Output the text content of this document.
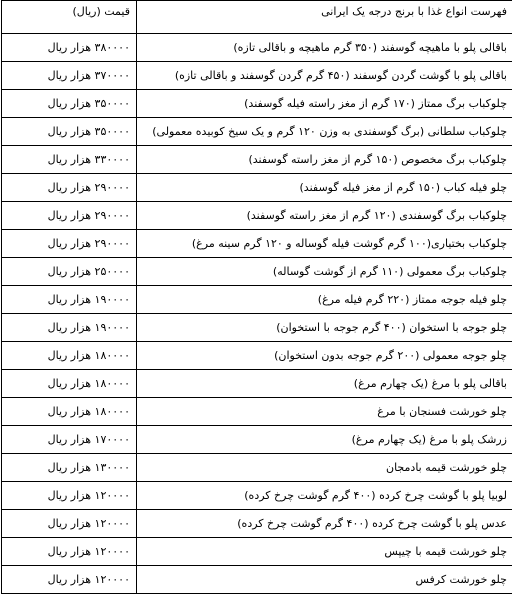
فهرست انواع غذا با برنج درجه یک ایرانی	قیمت (ریال)
باقالی پلو با ماهیچه گوسفند (۳۵۰ گرم ماهیچه و باقالی تازه)	۳۸۰۰۰۰ هزار ریال
باقالی پلو با گوشت گردن گوسفند (۴۵۰ گرم گردن گوسفند و باقالی تازه)	۳۷۰۰۰۰ هزار ریال
چلوکباب برگ ممتاز (۱۷۰ گرم از مغز راسته فیله گوسفند)	۳۵۰۰۰۰ هزار ریال
چلوکباب سلطانی (برگ گوسفندی به وزن ۱۲۰ گرم و یک سیخ کوبیده معمولی)	۳۵۰۰۰۰ هزار ریال
چلوکباب برگ مخصوص (۱۵۰ گرم از مغز راسته گوسفند)	۳۳۰۰۰۰ هزار ریال
چلو فیله کباب (۱۵۰ گرم از مغز فیله گوسفند)	۲۹۰۰۰۰ هزار ریال
چلوکباب برگ گوسفندی (۱۲۰ گرم از مغز راسته گوسفند)	۲۹۰۰۰۰ هزار ریال
چلوکباب بختیاری(۱۰۰ گرم گوشت فیله گوساله و ۱۲۰ گرم سینه مرغ)	۲۹۰۰۰۰ هزار ریال
چلوکباب برگ معمولی (۱۱۰ گرم از گوشت گوساله)	۲۵۰۰۰۰ هزار ریال
چلو فیله جوجه ممتاز (۲۲۰ گرم فیله مرغ)	۱۹۰۰۰۰ هزار ریال
چلو جوجه با استخوان (۴۰۰ گرم جوجه با استخوان)	۱۹۰۰۰۰ هزار ریال
چلو جوجه معمولی (۲۰۰ گرم جوجه بدون استخوان)	۱۸۰۰۰۰ هزار ریال
باقالی پلو با مرغ (یک چهارم مرغ)	۱۸۰۰۰۰ هزار ریال
چلو خورشت فسنجان با مرغ	۱۸۰۰۰۰ هزار ریال
زرشک پلو با مرغ (یک چهارم مرغ)	۱۷۰۰۰۰ هزار ریال
چلو خورشت قیمه بادمجان	۱۳۰۰۰۰ هزار ریال
لوبیا پلو با گوشت چرخ کرده (۴۰۰ گرم گوشت چرخ کرده)	۱۲۰۰۰۰ هزار ریال
عدس پلو با گوشت چرخ کرده (۴۰۰ گرم گوشت چرخ کرده)	۱۲۰۰۰۰ هزار ریال
چلو خورشت قیمه با چیپس	۱۲۰۰۰۰ هزار ریال
چلو خورشت کرفس	۱۲۰۰۰۰ هزار ریال
